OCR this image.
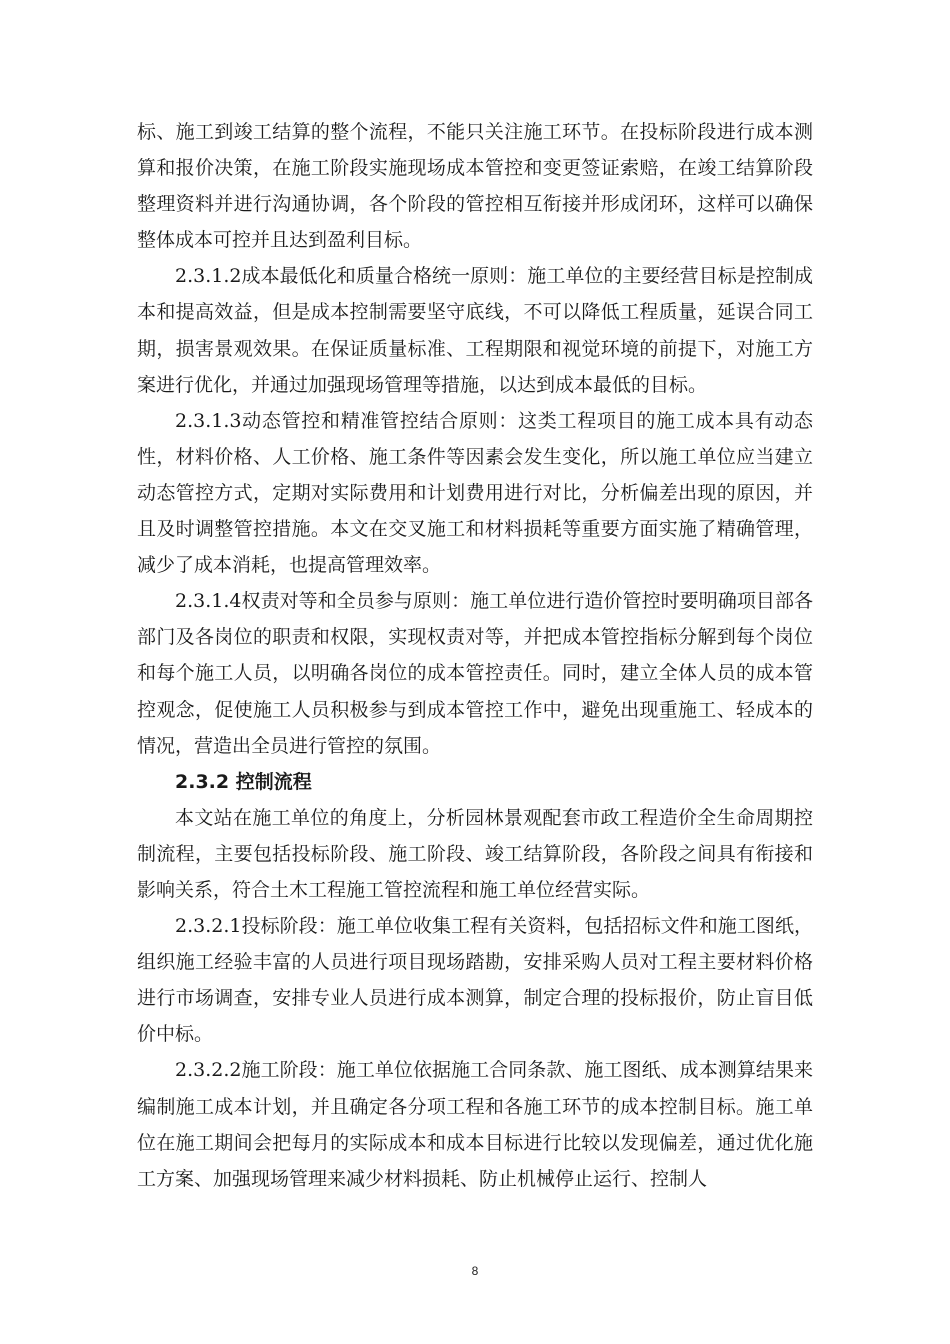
标、施工到竣工结算的整个流程，不能只关注施工环节。在投标阶段进行成本测算和报价决策，在施工阶段实施现场成本管控和变更签证索赔，在竣工结算阶段整理资料并进行沟通协调，各个阶段的管控相互衔接并形成闭环，这样可以确保整体成本可控并且达到盈利目标。

2.3.1.2成本最低化和质量合格统一原则：施工单位的主要经营目标是控制成本和提高效益，但是成本控制需要坚守底线，不可以降低工程质量，延误合同工期，损害景观效果。在保证质量标准、工程期限和视觉环境的前提下，对施工方案进行优化，并通过加强现场管理等措施，以达到成本最低的目标。

2.3.1.3动态管控和精准管控结合原则：这类工程项目的施工成本具有动态性，材料价格、人工价格、施工条件等因素会发生变化，所以施工单位应当建立动态管控方式，定期对实际费用和计划费用进行对比，分析偏差出现的原因，并且及时调整管控措施。本文在交叉施工和材料损耗等重要方面实施了精确管理，减少了成本消耗，也提高管理效率。

2.3.1.4权责对等和全员参与原则：施工单位进行造价管控时要明确项目部各部门及各岗位的职责和权限，实现权责对等，并把成本管控指标分解到每个岗位和每个施工人员，以明确各岗位的成本管控责任。同时，建立全体人员的成本管控观念，促使施工人员积极参与到成本管控工作中，避免出现重施工、轻成本的情况，营造出全员进行管控的氛围。

2.3.2 控制流程

本文站在施工单位的角度上，分析园林景观配套市政工程造价全生命周期控制流程，主要包括投标阶段、施工阶段、竣工结算阶段，各阶段之间具有衔接和影响关系，符合土木工程施工管控流程和施工单位经营实际。

2.3.2.1投标阶段：施工单位收集工程有关资料，包括招标文件和施工图纸，组织施工经验丰富的人员进行项目现场踏勘，安排采购人员对工程主要材料价格进行市场调查，安排专业人员进行成本测算，制定合理的投标报价，防止盲目低价中标。

2.3.2.2施工阶段：施工单位依据施工合同条款、施工图纸、成本测算结果来编制施工成本计划，并且确定各分项工程和各施工环节的成本控制目标。施工单位在施工期间会把每月的实际成本和成本目标进行比较以发现偏差，通过优化施工方案、加强现场管理来减少材料损耗、防止机械停止运行、控制人

8
